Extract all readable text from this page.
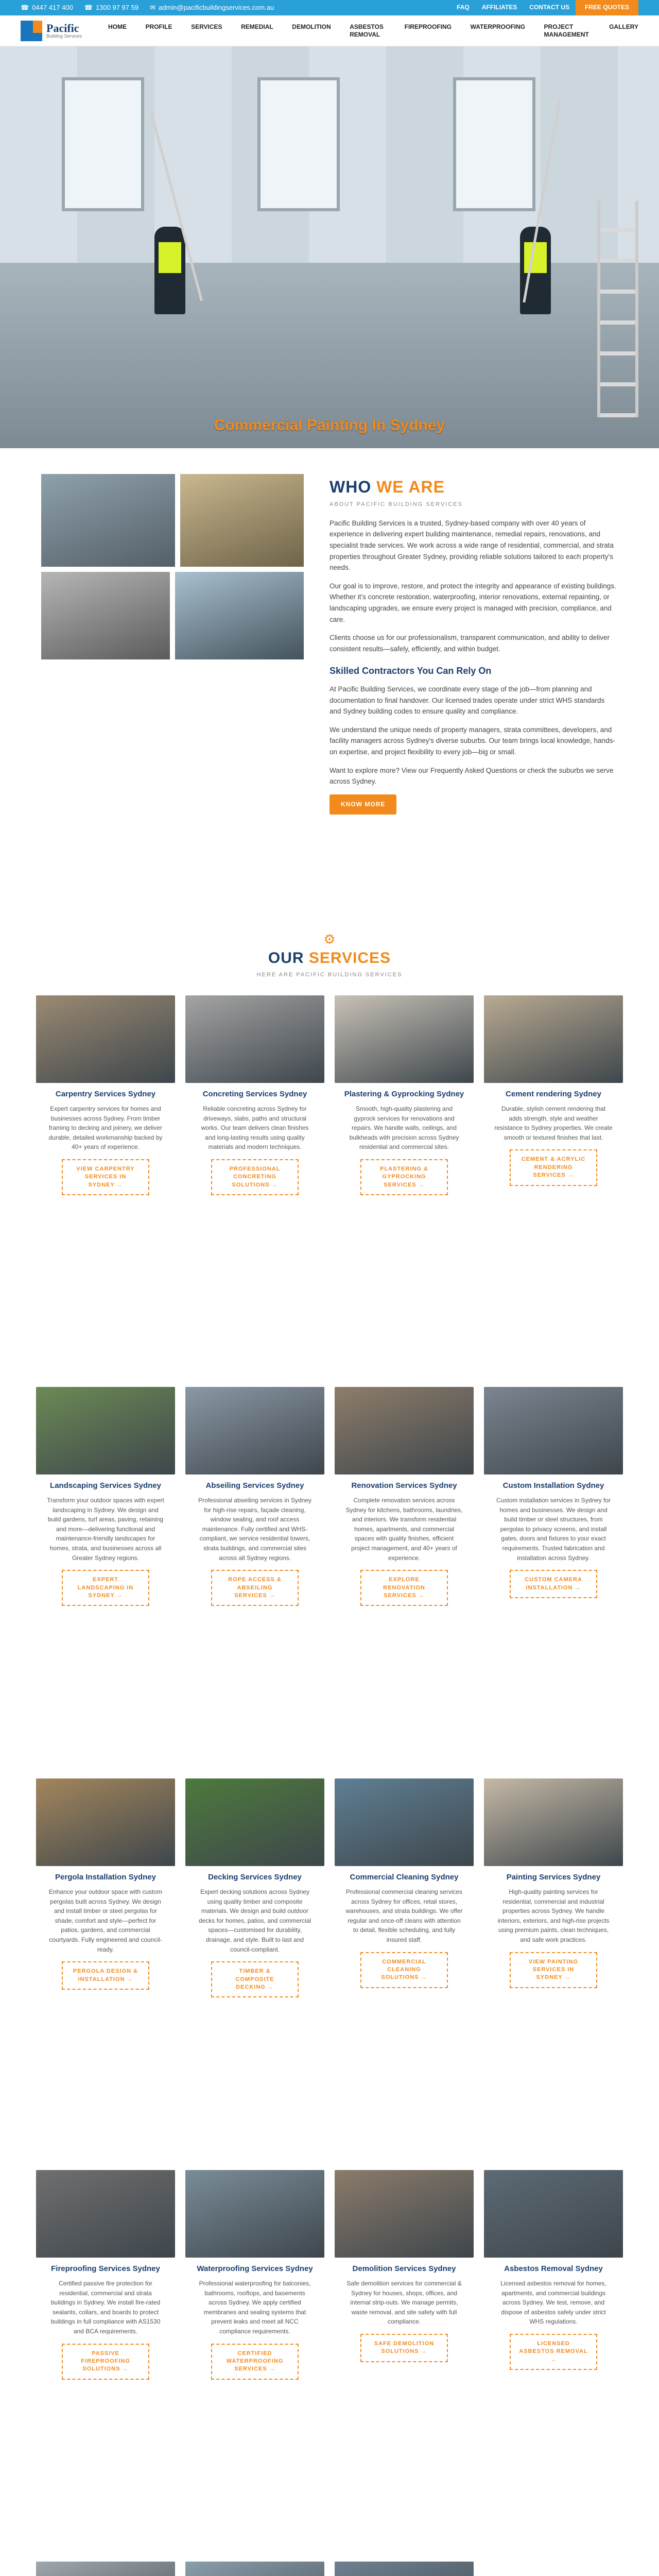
☎ 0447 417 400 ☎ 1300 97 97 59 ✉ admin@pacificbuildingservices.com.au	FAQ	AFFILIATES	CONTACT US	FREE QUOTES
Pacific
Building Services
HOME	PROFILE	SERVICES	REMEDIAL	DEMOLITION	ASBESTOS REMOVAL
FIREPROOFING	WATERPROOFING	PROJECT MANAGEMENT
GALLERY
Commercial Painting In Sydney
WHO WE ARE
ABOUT PACIFIC BUILDING SERVICES

Pacific Building Services is a trusted, Sydney-based company with over 40 years of experience in delivering expert building maintenance, remedial repairs, renovations, and specialist trade services. We work across a wide range of residential, commercial, and strata properties throughout Greater Sydney, providing reliable solutions tailored to each property's needs.

Our goal is to improve, restore, and protect the integrity and appearance of existing buildings. Whether it's concrete restoration, waterproofing, interior renovations, external repainting, or landscaping upgrades, we ensure every project is managed with precision, compliance, and care.

Clients choose us for our professionalism, transparent communication, and ability to deliver consistent results—safely, efficiently, and within budget.

Skilled Contractors You Can Rely On

At Pacific Building Services, we coordinate every stage of the job—from planning and documentation to final handover. Our licensed trades operate under strict WHS standards and Sydney building codes to ensure quality and compliance.

We understand the unique needs of property managers, strata committees, developers, and facility managers across Sydney's diverse suburbs. Our team brings local knowledge, hands-on expertise, and project flexibility to every job—big or small.

Want to explore more? View our Frequently Asked Questions or check the suburbs we serve across Sydney.

KNOW MORE
⚙
OUR SERVICES
HERE ARE PACIFIC BUILDING SERVICES
Carpentry Services Sydney

Expert carpentry services for homes and businesses across Sydney. From timber framing to decking and joinery, we deliver durable, detailed workmanship backed by 40+ years of experience.

VIEW CARPENTRY SERVICES IN SYDNEY →
Concreting Services Sydney

Reliable concreting across Sydney for driveways, slabs, paths and structural works. Our team delivers clean finishes and long-lasting results using quality materials and modern techniques.

PROFESSIONAL CONCRETING SOLUTIONS →
Plastering & Gyprocking Sydney

Smooth, high-quality plastering and gyprock services for renovations and repairs. We handle walls, ceilings, and bulkheads with precision across Sydney residential and commercial sites.

PLASTERING & GYPROCKING SERVICES →
Cement rendering Sydney

Durable, stylish cement rendering that adds strength, style and weather resistance to Sydney properties. We create smooth or textured finishes that last.

CEMENT & ACRYLIC RENDERING SERVICES →
Landscaping Services Sydney

Transform your outdoor spaces with expert landscaping in Sydney. We design and build gardens, turf areas, paving, retaining and more—delivering functional and maintenance-friendly landscapes for homes, strata, and businesses across all Greater Sydney regions.

EXPERT LANDSCAPING IN SYDNEY →
Abseiling Services Sydney

Professional abseiling services in Sydney for high-rise repairs, façade cleaning, window sealing, and roof access maintenance. Fully certified and WHS-compliant, we service residential towers, strata buildings, and commercial sites across all Sydney regions.

ROPE ACCESS & ABSEILING SERVICES →
Renovation Services Sydney

Complete renovation services across Sydney for kitchens, bathrooms, laundries, and interiors. We transform residential homes, apartments, and commercial spaces with quality finishes, efficient project management, and 40+ years of experience.

EXPLORE RENOVATION SERVICES →
Custom Installation Sydney

Custom installation services in Sydney for homes and businesses. We design and build timber or steel structures, from pergolas to privacy screens, and install gates, doors and fixtures to your exact requirements. Trusted fabrication and installation across Sydney.

CUSTOM CAMERA INSTALLATION →
Pergola Installation Sydney

Enhance your outdoor space with custom pergolas built across Sydney. We design and install timber or steel pergolas for shade, comfort and style—perfect for patios, gardens, and commercial courtyards. Fully engineered and council-ready.

PERGOLA DESIGN & INSTALLATION →
Decking Services Sydney

Expert decking solutions across Sydney using quality timber and composite materials. We design and build outdoor decks for homes, patios, and commercial spaces—customised for durability, drainage, and style. Built to last and council-compliant.

TIMBER & COMPOSITE DECKING →
Commercial Cleaning Sydney

Professional commercial cleaning services across Sydney for offices, retail stores, warehouses, and strata buildings. We offer regular and once-off cleans with attention to detail, flexible scheduling, and fully insured staff.

COMMERCIAL CLEANING SOLUTIONS →
Painting Services Sydney

High-quality painting services for residential, commercial and industrial properties across Sydney. We handle interiors, exteriors, and high-rise projects using premium paints, clean techniques, and safe work practices.

VIEW PAINTING SERVICES IN SYDNEY →
Fireproofing Services Sydney

Certified passive fire protection for residential, commercial and strata buildings in Sydney. We install fire-rated sealants, collars, and boards to protect buildings in full compliance with AS1530 and BCA requirements.

PASSIVE FIREPROOFING SOLUTIONS →
Waterproofing Services Sydney

Professional waterproofing for balconies, bathrooms, rooftops, and basements across Sydney. We apply certified membranes and sealing systems that prevent leaks and meet all NCC compliance requirements.

CERTIFIED WATERPROOFING SERVICES →
Demolition Services Sydney

Safe demolition services for commercial & Sydney for houses, shops, offices, and internal strip-outs. We manage permits, waste removal, and site safety with full compliance.

SAFE DEMOLITION SOLUTIONS →
Asbestos Removal Sydney

Licensed asbestos removal for homes, apartments, and commercial buildings across Sydney. We test, remove, and dispose of asbestos safely under strict WHS regulations.

LICENSED ASBESTOS REMOVAL →
